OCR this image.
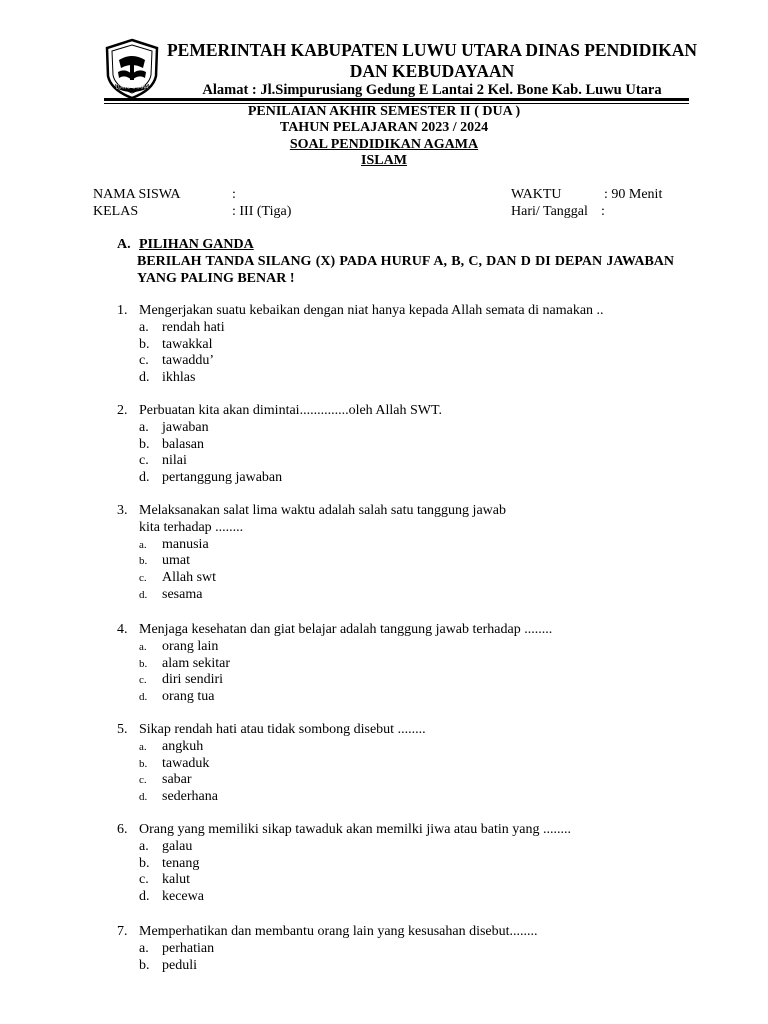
LUWU UTARA
PEMERINTAH KABUPATEN LUWU UTARA DINAS PENDIDIKAN
DAN KEBUDAYAAN
Alamat : Jl.Simpurusiang Gedung E Lantai 2 Kel. Bone Kab. Luwu Utara
PENILAIAN AKHIR SEMESTER II ( DUA )
TAHUN PELAJARAN 2023 / 2024
SOAL PENDIDIKAN AGAMA
ISLAM
NAMA SISWA	:
KELAS	: III (Tiga)
WAKTU	: 90 Menit
Hari/ Tanggal :
A. PILIHAN GANDA
BERILAH TANDA SILANG (X) PADA HURUF A, B, C, DAN D DI DEPAN JAWABAN YANG PALING BENAR !
1. Mengerjakan suatu kebaikan dengan niat hanya kepada Allah semata di namakan ..
a. rendah hati
b. tawakkal
c. tawaddu’
d. ikhlas
2. Perbuatan kita akan dimintai..............oleh Allah SWT.
a. jawaban
b. balasan
c. nilai
d. pertanggung jawaban
3. Melaksanakan salat lima waktu adalah salah satu tanggung jawab
kita terhadap ........
a. manusia
b. umat
c. Allah swt
d. sesama
4. Menjaga kesehatan dan giat belajar adalah tanggung jawab terhadap ........
a. orang lain
b. alam sekitar
c. diri sendiri
d. orang tua
5. Sikap rendah hati atau tidak sombong disebut ........
a. angkuh
b. tawaduk
c. sabar
d. sederhana
6. Orang yang memiliki sikap tawaduk akan memilki jiwa atau batin yang ........
a. galau
b. tenang
c. kalut
d. kecewa
7. Memperhatikan dan membantu orang lain yang kesusahan disebut........
a. perhatian
b. peduli
